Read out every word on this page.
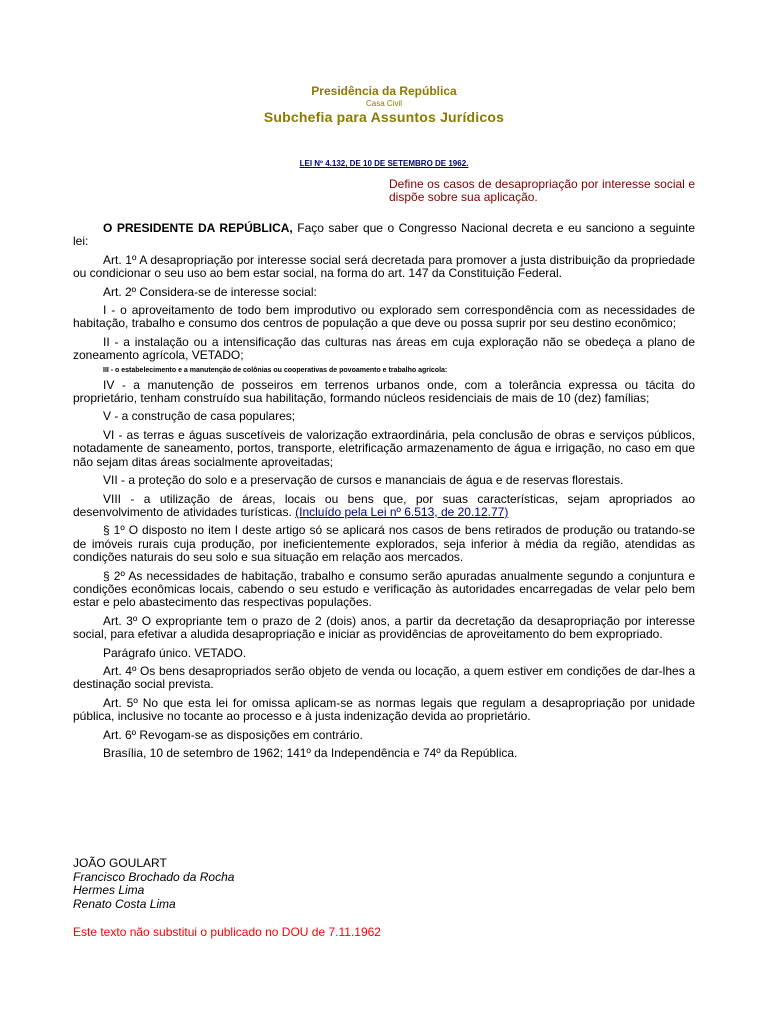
Presidência da República
Casa Civil
Subchefia para Assuntos Jurídicos
LEI Nº 4.132, DE 10 DE SETEMBRO DE 1962.
Define os casos de desapropriação por interesse social e dispõe sobre sua aplicação.

O PRESIDENTE DA REPÚBLICA, Faço saber que o Congresso Nacional decreta e eu sanciono a seguinte lei:

Art. 1º A desapropriação por interesse social será decretada para promover a justa distribuição da propriedade ou condicionar o seu uso ao bem estar social, na forma do art. 147 da Constituição Federal.

Art. 2º Considera-se de interesse social:

I - o aproveitamento de todo bem improdutivo ou explorado sem correspondência com as necessidades de habitação, trabalho e consumo dos centros de população a que deve ou possa suprir por seu destino econômico;

II - a instalação ou a intensificação das culturas nas áreas em cuja exploração não se obedeça a plano de zoneamento agrícola, VETADO;

III - o estabelecimento e a manutenção de colônias ou cooperativas de povoamento e trabalho agrícola:

IV - a manutenção de posseiros em terrenos urbanos onde, com a tolerância expressa ou tácita do proprietário, tenham construído sua habilitação, formando núcleos residenciais de mais de 10 (dez) famílias;

V - a construção de casa populares;

VI - as terras e águas suscetíveis de valorização extraordinária, pela conclusão de obras e serviços públicos, notadamente de saneamento, portos, transporte, eletrificação armazenamento de água e irrigação, no caso em que não sejam ditas áreas socialmente aproveitadas;

VII - a proteção do solo e a preservação de cursos e mananciais de água e de reservas florestais.

VIII - a utilização de áreas, locais ou bens que, por suas características, sejam apropriados ao desenvolvimento de atividades turísticas. (Incluído pela Lei nº 6.513, de 20.12.77)

§ 1º O disposto no item I deste artigo só se aplicará nos casos de bens retirados de produção ou tratando-se de imóveis rurais cuja produção, por ineficientemente explorados, seja inferior à média da região, atendidas as condições naturais do seu solo e sua situação em relação aos mercados.

§ 2º As necessidades de habitação, trabalho e consumo serão apuradas anualmente segundo a conjuntura e condições econômicas locais, cabendo o seu estudo e verificação às autoridades encarregadas de velar pelo bem estar e pelo abastecimento das respectivas populações.

Art. 3º O expropriante tem o prazo de 2 (dois) anos, a partir da decretação da desapropriação por interesse social, para efetivar a aludida desapropriação e iniciar as providências de aproveitamento do bem expropriado.

Parágrafo único. VETADO.

Art. 4º Os bens desapropriados serão objeto de venda ou locação, a quem estiver em condições de dar-lhes a destinação social prevista.

Art. 5º No que esta lei for omissa aplicam-se as normas legais que regulam a desapropriação por unidade pública, inclusive no tocante ao processo e à justa indenização devida ao proprietário.

Art. 6º Revogam-se as disposições em contrário.

Brasília, 10 de setembro de 1962; 141º da Independência e 74º da República.

JOÃO GOULART
Francisco Brochado da Rocha
Hermes Lima
Renato Costa Lima
Este texto não substitui o publicado no DOU de 7.11.1962
